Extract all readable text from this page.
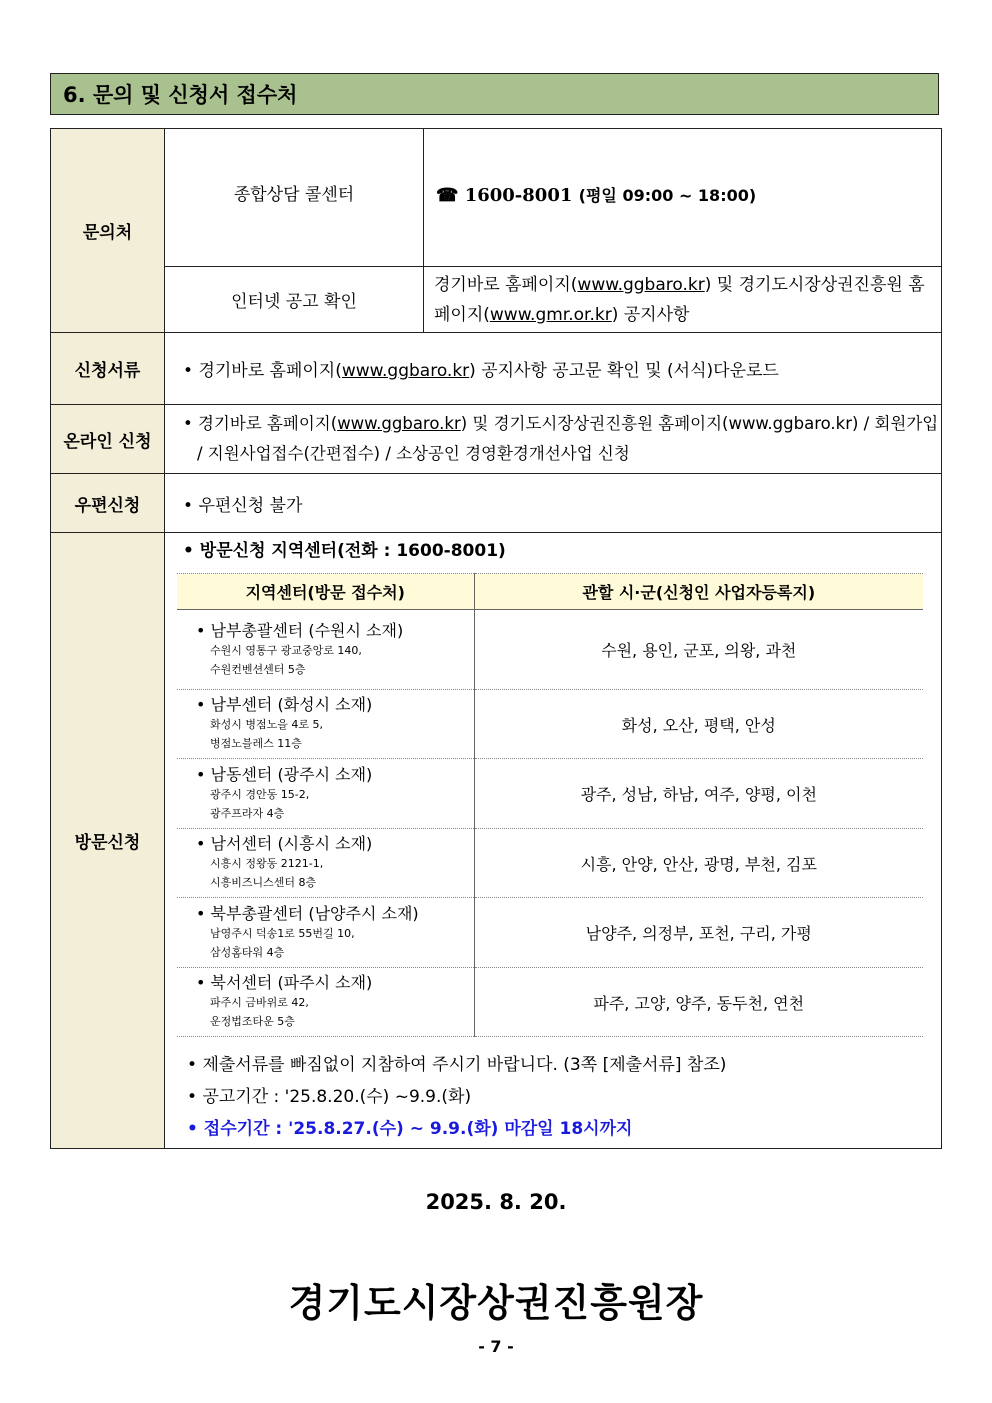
6. 문의 및 신청서 접수처
문의처	종합상담 콜센터	☎ 1600-8001 (평일 09:00 ~ 18:00)
인터넷 공고 확인	경기바로 홈페이지(www.ggbaro.kr) 및 경기도시장상권진흥원 홈페이지(www.gmr.or.kr) 공지사항
신청서류	
•경기바로 홈페이지(www.ggbaro.kr) 공지사항 공고문 확인 및 (서식)다운로드

온라인 신청	
• 경기바로 홈페이지(www.ggbaro.kr) 및 경기도시장상권진흥원 홈페이지(www.ggbaro.kr) / 회원가입 / 지원사업접수(간편접수) / 소상공인 경영환경개선사업 신청

우편신청	
•우편신청 불가

방문신청	
• 방문신청 지역센터(전화 : 1600-8001)
지역센터(방문 접수처)	관할 시·군(신청인 사업자등록지)

• 남부총괄센터 (수원시 소재)
수원시 영통구 광교중앙로 140,
수원컨벤션센터 5층
	수원, 용인, 군포, 의왕, 과천

• 남부센터 (화성시 소재)
화성시 병점노을 4로 5,
병점노블레스 11층
	화성, 오산, 평택, 안성

• 남동센터 (광주시 소재)
광주시 경안동 15-2,
광주프라자 4층
	광주, 성남, 하남, 여주, 양평, 이천

• 남서센터 (시흥시 소재)
시흥시 정왕동 2121-1,
시흥비즈니스센터 8층
	시흥, 안양, 안산, 광명, 부천, 김포

• 북부총괄센터 (남양주시 소재)
남영주시 덕송1로 55번길 10,
삼성홈타워 4층
	남양주, 의정부, 포천, 구리, 가평

• 북서센터 (파주시 소재)
파주시 금바위로 42,
운정법조타운 5층
	파주, 고양, 양주, 동두천, 연천
• 제출서류를 빠짐없이 지참하여 주시기 바랍니다. (3쪽 [제출서류] 참조)
• 공고기간 : '25.8.20.(수) ~9.9.(화)
• 접수기간 : '25.8.27.(수) ~ 9.9.(화) 마감일 18시까지
2025. 8. 20.
경기도시장상권진흥원장
- 7 -
